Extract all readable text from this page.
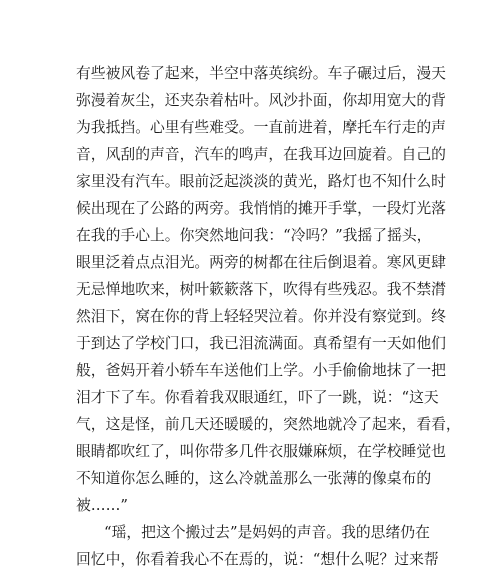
有些被风卷了起来，半空中落英缤纷。车子碾过后，漫天
弥漫着灰尘，还夹杂着枯叶。风沙扑面，你却用宽大的背
为我抵挡。心里有些难受。一直前进着，摩托车行走的声
音，风刮的声音，汽车的鸣声，在我耳边回旋着。自己的
家里没有汽车。眼前泛起淡淡的黄光，路灯也不知什么时
候出现在了公路的两旁。我悄悄的摊开手掌，一段灯光落
在我的手心上。你突然地问我：“冷吗？”我摇了摇头，
眼里泛着点点泪光。两旁的树都在往后倒退着。寒风更肆
无忌惮地吹来，树叶簌簌落下，吹得有些残忍。我不禁潸
然泪下，窝在你的背上轻轻哭泣着。你并没有察觉到。终
于到达了学校门口，我已泪流满面。真希望有一天如他们
般，爸妈开着小轿车车送他们上学。小手偷偷地抹了一把
泪才下了车。你看着我双眼通红，吓了一跳，说：“这天
气，这是怪，前几天还暖暖的，突然地就冷了起来，看看，
眼睛都吹红了，叫你带多几件衣服嫌麻烦，在学校睡觉也
不知道你怎么睡的，这么冷就盖那么一张薄的像桌布的
被……”
“瑶，把这个搬过去”是妈妈的声音。我的思绪仍在
回忆中，你看着我心不在焉的，说：“想什么呢？过来帮
